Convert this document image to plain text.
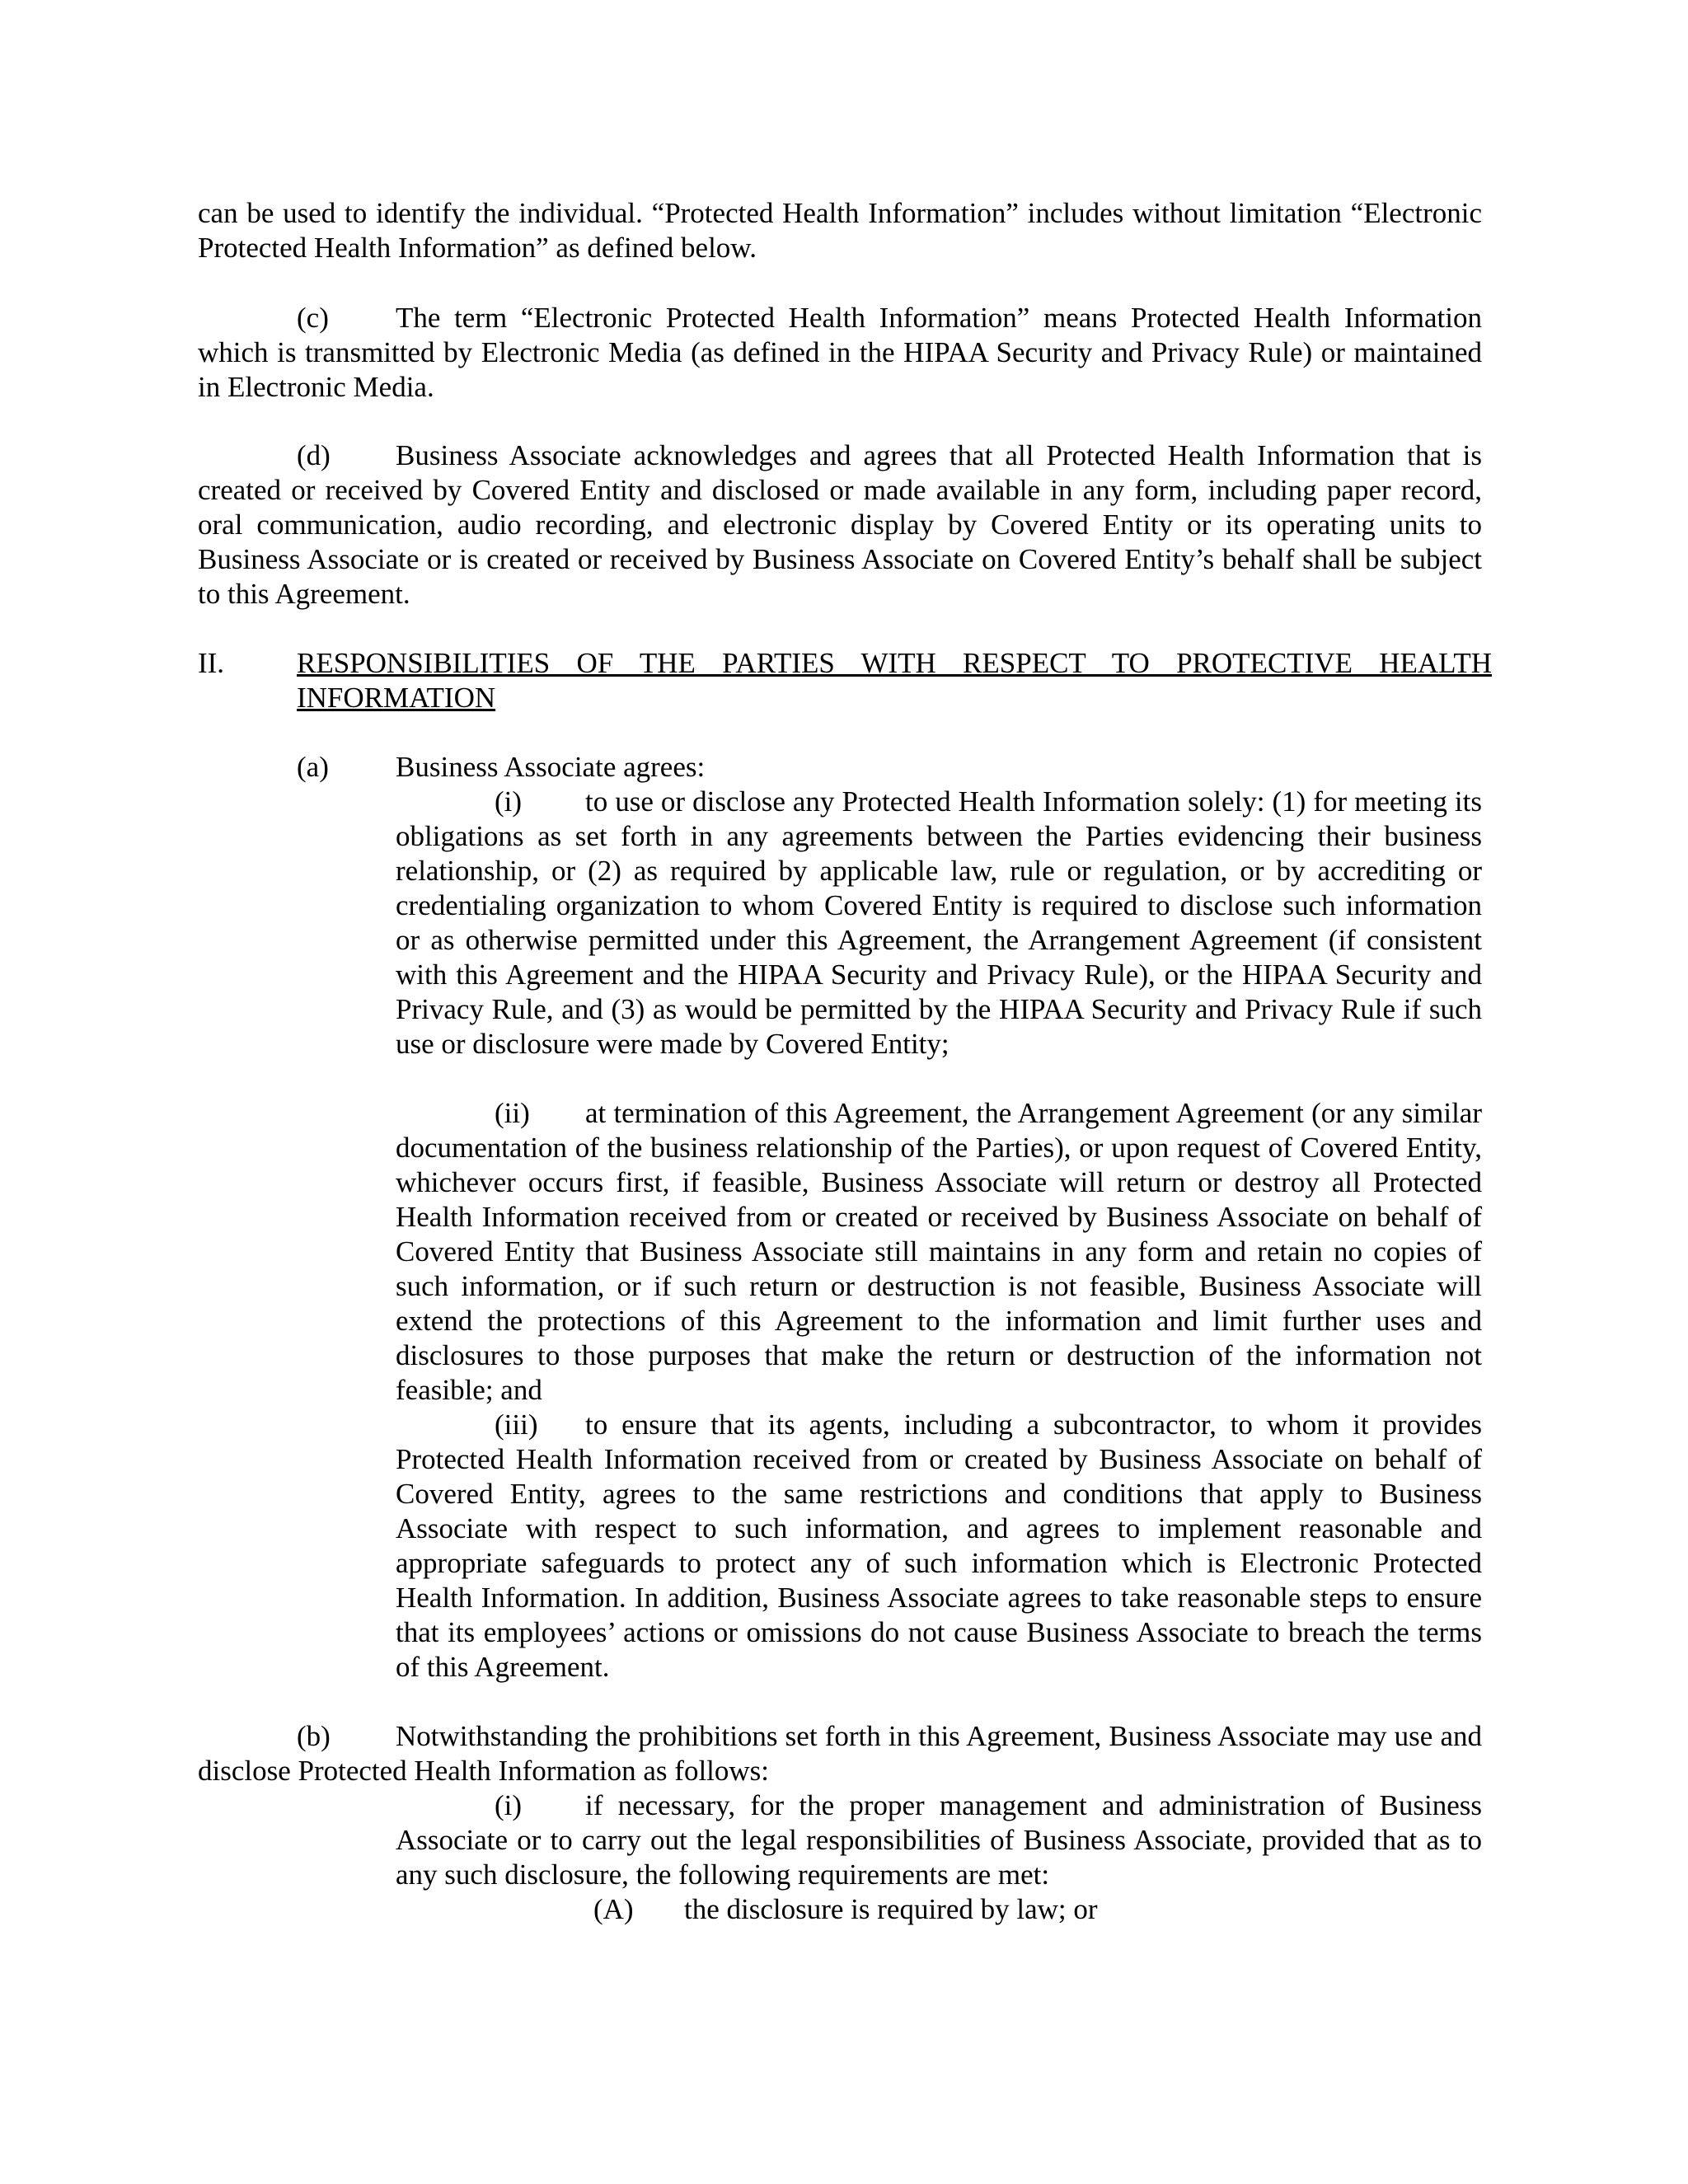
can be used to identify the individual. “Protected Health Information” includes without limitation “Electronic Protected Health Information” as defined below.

(c) The term “Electronic Protected Health Information” means Protected Health Information which is transmitted by Electronic Media (as defined in the HIPAA Security and Privacy Rule) or maintained in Electronic Media.

(d) Business Associate acknowledges and agrees that all Protected Health Information that is created or received by Covered Entity and disclosed or made available in any form, including paper record, oral communication, audio recording, and electronic display by Covered Entity or its operating units to Business Associate or is created or received by Business Associate on Covered Entity’s behalf shall be subject to this Agreement.

II.	RESPONSIBILITIES OF THE PARTIES WITH RESPECT TO PROTECTIVE HEALTH INFORMATION

(a) Business Associate agrees:

(i) to use or disclose any Protected Health Information solely: (1) for meeting its obligations as set forth in any agreements between the Parties evidencing their business relationship, or (2) as required by applicable law, rule or regulation, or by accrediting or credentialing organization to whom Covered Entity is required to disclose such information or as otherwise permitted under this Agreement, the Arrangement Agreement (if consistent with this Agreement and the HIPAA Security and Privacy Rule), or the HIPAA Security and Privacy Rule, and (3) as would be permitted by the HIPAA Security and Privacy Rule if such use or disclosure were made by Covered Entity;

(ii) at termination of this Agreement, the Arrangement Agreement (or any similar documentation of the business relationship of the Parties), or upon request of Covered Entity, whichever occurs first, if feasible, Business Associate will return or destroy all Protected Health Information received from or created or received by Business Associate on behalf of Covered Entity that Business Associate still maintains in any form and retain no copies of such information, or if such return or destruction is not feasible, Business Associate will extend the protections of this Agreement to the information and limit further uses and disclosures to those purposes that make the return or destruction of the information not feasible; and

(iii) to ensure that its agents, including a subcontractor, to whom it provides Protected Health Information received from or created by Business Associate on behalf of Covered Entity, agrees to the same restrictions and conditions that apply to Business Associate with respect to such information, and agrees to implement reasonable and appropriate safeguards to protect any of such information which is Electronic Protected Health Information. In addition, Business Associate agrees to take reasonable steps to ensure that its employees’ actions or omissions do not cause Business Associate to breach the terms of this Agreement.

(b) Notwithstanding the prohibitions set forth in this Agreement, Business Associate may use and disclose Protected Health Information as follows:

(i) if necessary, for the proper management and administration of Business Associate or to carry out the legal responsibilities of Business Associate, provided that as to any such disclosure, the following requirements are met:

(A) the disclosure is required by law; or
